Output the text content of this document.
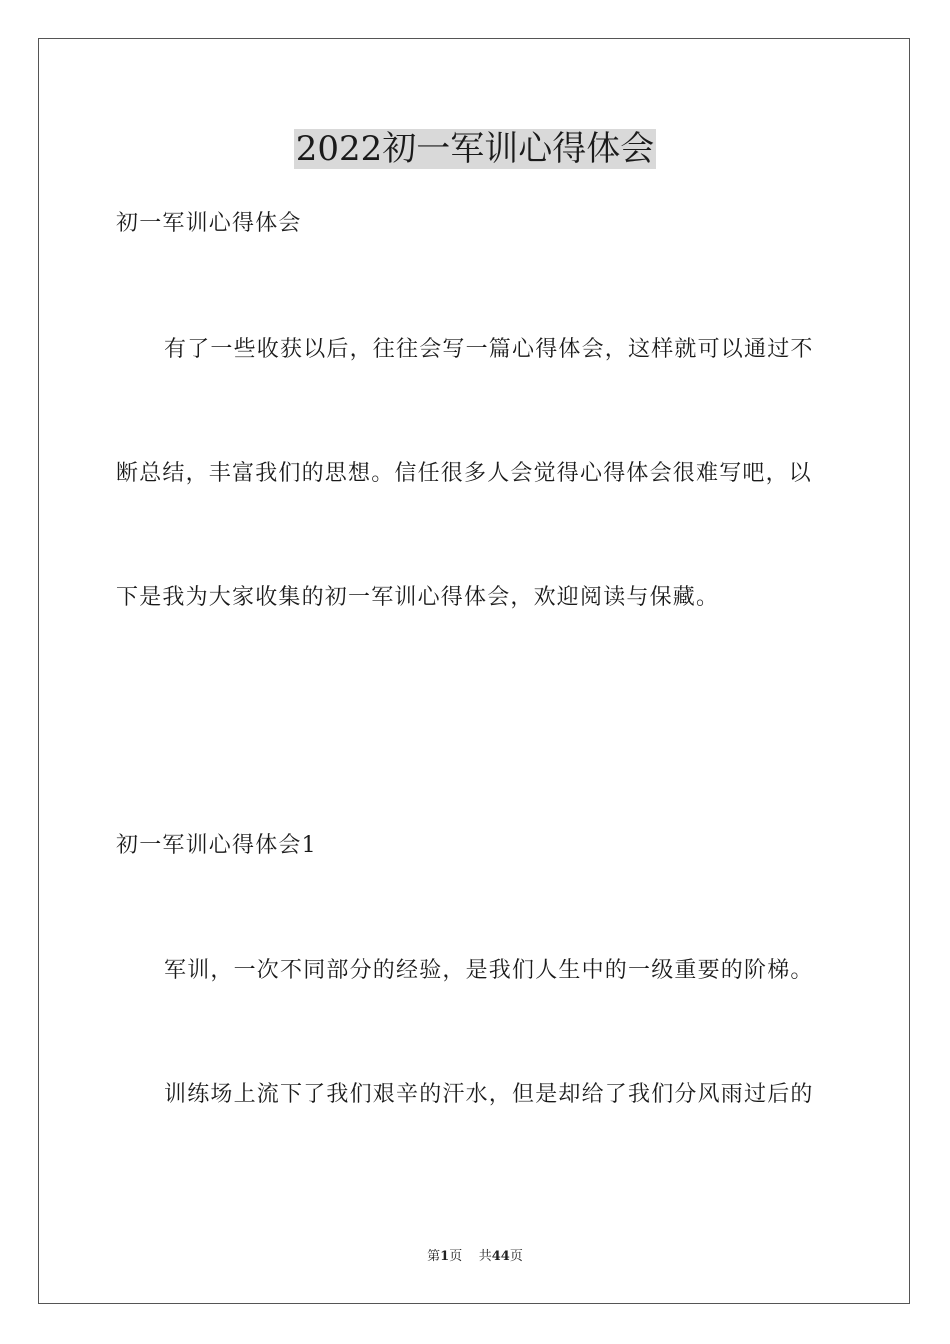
2022初一军训心得体会
初一军训心得体会
有了一些收获以后，往往会写一篇心得体会，这样就可以通过不
断总结，丰富我们的思想。信任很多人会觉得心得体会很难写吧，以
下是我为大家收集的初一军训心得体会，欢迎阅读与保藏。
初一军训心得体会1
军训，一次不同部分的经验，是我们人生中的一级重要的阶梯。
训练场上流下了我们艰辛的汗水，但是却给了我们分风雨过后的
第1页 共44页
